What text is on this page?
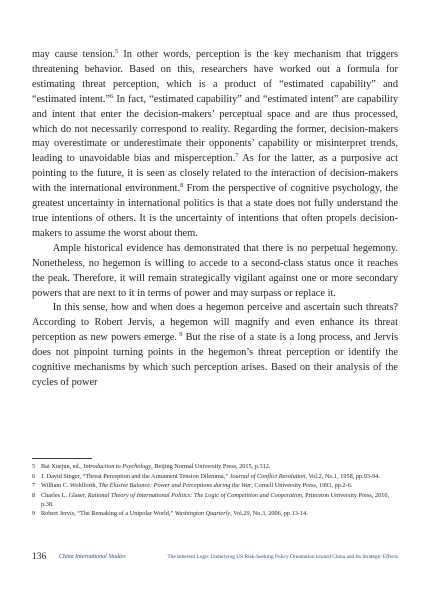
may cause tension.$^5$ In other words, perception is the key mechanism that triggers threatening behavior. Based on this, researchers have worked out a formula for estimating threat perception, which is a product of “estimated capability” and “estimated intent.”$^6$ In fact, “estimated capability” and “estimated intent” are capability and intent that enter the decision-makers’ perceptual space and are thus processed, which do not necessarily correspond to reality. Regarding the former, decision-makers may overestimate or underestimate their opponents’ capability or misinterpret trends, leading to unavoidable bias and misperception.$^7$ As for the latter, as a purposive act pointing to the future, it is seen as closely related to the interaction of decision-makers with the international environment.$^8$ From the perspective of cognitive psychology, the greatest uncertainty in international politics is that a state does not fully understand the true intentions of others. It is the uncertainty of intentions that often propels decision-makers to assume the worst about them.

Ample historical evidence has demonstrated that there is no perpetual hegemony. Nonetheless, no hegemon is willing to accede to a second-class status once it reaches the peak. Therefore, it will remain strategically vigilant against one or more secondary powers that are next to it in terms of power and may surpass or replace it.

In this sense, how and when does a hegemon perceive and ascertain such threats? According to Robert Jervis, a hegemon will magnify and even enhance its threat perception as new powers emerge. $^9$ But the rise of a state is a long process, and Jervis does not pinpoint turning points in the hegemon’s threat perception or identify the cognitive mechanisms by which such perception arises. Based on their analysis of the cycles of power

5 Bai Xuejun, ed., Introduction to Psychology, Beijing Normal University Press, 2015, p.312.
6 J. David Singer, “Threat Perception and the Armament Tension Dilemma,” Journal of Conflict Resolution, Vol.2, No.1, 1958, pp.93-94.
7 William C. Wohlforth, The Elusive Balance: Power and Perceptions during the War, Cornell University Press, 1993, pp.2-6.
8 Charles L. Glaser, Rational Theory of International Politics: The Logic of Competition and Cooperation, Princeton University Press, 2010, p.38.
9 Robert Jervis, “The Remaking of a Unipolar World,” Washington Quarterly, Vol.29, No.3, 2006, pp.13-14.
136 China International Studies	The Inherent Logic Underlying US Risk-Seeking Policy Orientation toward China and Its Strategic Effects
